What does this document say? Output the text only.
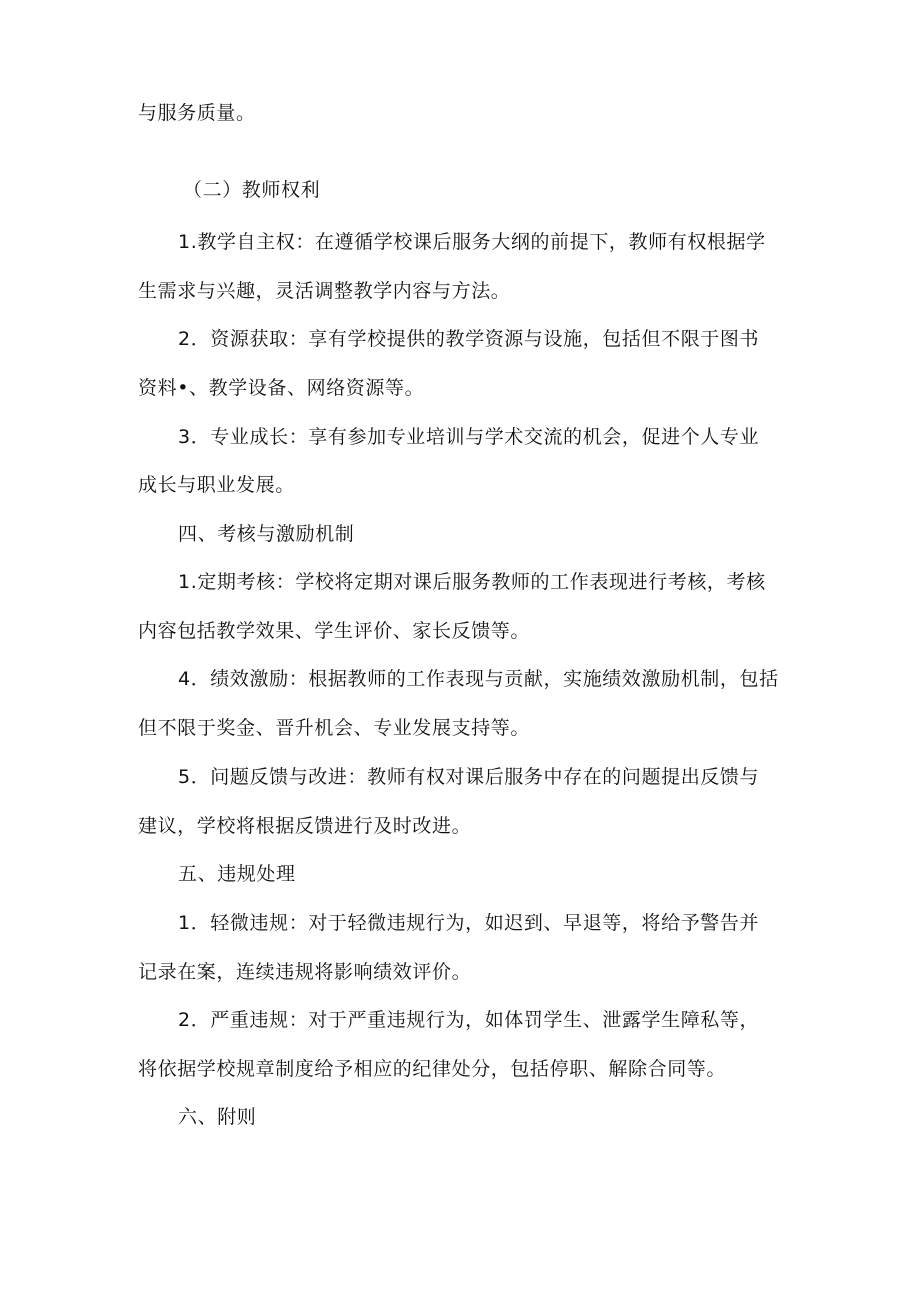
与服务质量。
（二）教师权利
1.教学自主权：在遵循学校课后服务大纲的前提下，教师有权根据学
生需求与兴趣，灵活调整教学内容与方法。
2．资源获取：享有学校提供的教学资源与设施，包括但不限于图书
资料•、教学设备、网络资源等。
3．专业成长：享有参加专业培训与学术交流的机会，促进个人专业
成长与职业发展。
四、考核与激励机制
1.定期考核：学校将定期对课后服务教师的工作表现进行考核，考核
内容包括教学效果、学生评价、家长反馈等。
4．绩效激励：根据教师的工作表现与贡献，实施绩效激励机制，包括
但不限于奖金、晋升机会、专业发展支持等。
5．问题反馈与改进：教师有权对课后服务中存在的问题提出反馈与
建议，学校将根据反馈进行及时改进。
五、违规处理
1．轻微违规：对于轻微违规行为，如迟到、早退等，将给予警告并
记录在案，连续违规将影响绩效评价。
2．严重违规：对于严重违规行为，如体罚学生、泄露学生障私等，
将依据学校规章制度给予相应的纪律处分，包括停职、解除合同等。
六、附则
